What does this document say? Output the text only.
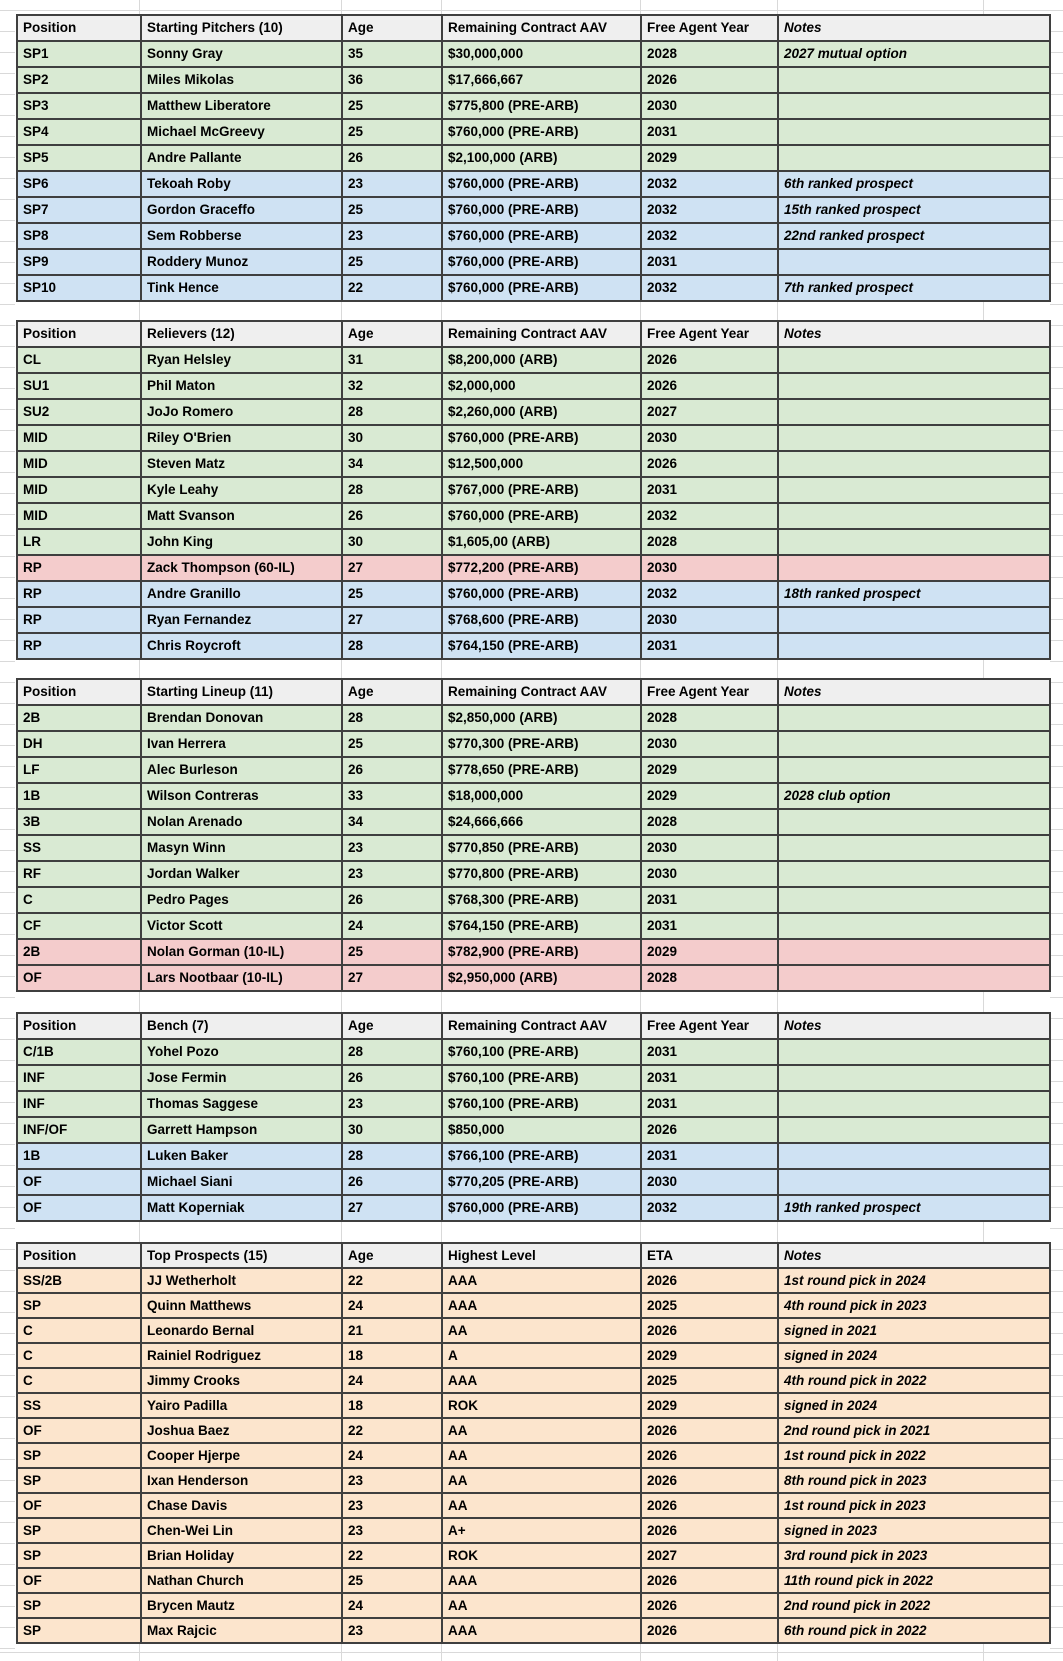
Position	Starting Pitchers (10)	Age	Remaining Contract AAV	Free Agent Year	Notes
SP1	Sonny Gray	35	$30,000,000	2028	2027 mutual option
SP2	Miles Mikolas	36	$17,666,667	2026	
SP3	Matthew Liberatore	25	$775,800 (PRE-ARB)	2030	
SP4	Michael McGreevy	25	$760,000 (PRE-ARB)	2031	
SP5	Andre Pallante	26	$2,100,000 (ARB)	2029	
SP6	Tekoah Roby	23	$760,000 (PRE-ARB)	2032	6th ranked prospect
SP7	Gordon Graceffo	25	$760,000 (PRE-ARB)	2032	15th ranked prospect
SP8	Sem Robberse	23	$760,000 (PRE-ARB)	2032	22nd ranked prospect
SP9	Roddery Munoz	25	$760,000 (PRE-ARB)	2031	
SP10	Tink Hence	22	$760,000 (PRE-ARB)	2032	7th ranked prospect
Position	Relievers (12)	Age	Remaining Contract AAV	Free Agent Year	Notes
CL	Ryan Helsley	31	$8,200,000 (ARB)	2026	
SU1	Phil Maton	32	$2,000,000	2026	
SU2	JoJo Romero	28	$2,260,000 (ARB)	2027	
MID	Riley O'Brien	30	$760,000 (PRE-ARB)	2030	
MID	Steven Matz	34	$12,500,000	2026	
MID	Kyle Leahy	28	$767,000 (PRE-ARB)	2031	
MID	Matt Svanson	26	$760,000 (PRE-ARB)	2032	
LR	John King	30	$1,605,00 (ARB)	2028	
RP	Zack Thompson (60-IL)	27	$772,200 (PRE-ARB)	2030	
RP	Andre Granillo	25	$760,000 (PRE-ARB)	2032	18th ranked prospect
RP	Ryan Fernandez	27	$768,600 (PRE-ARB)	2030	
RP	Chris Roycroft	28	$764,150 (PRE-ARB)	2031	
Position	Starting Lineup (11)	Age	Remaining Contract AAV	Free Agent Year	Notes
2B	Brendan Donovan	28	$2,850,000 (ARB)	2028	
DH	Ivan Herrera	25	$770,300 (PRE-ARB)	2030	
LF	Alec Burleson	26	$778,650 (PRE-ARB)	2029	
1B	Wilson Contreras	33	$18,000,000	2029	2028 club option
3B	Nolan Arenado	34	$24,666,666	2028	
SS	Masyn Winn	23	$770,850 (PRE-ARB)	2030	
RF	Jordan Walker	23	$770,800 (PRE-ARB)	2030	
C	Pedro Pages	26	$768,300 (PRE-ARB)	2031	
CF	Victor Scott	24	$764,150 (PRE-ARB)	2031	
2B	Nolan Gorman (10-IL)	25	$782,900 (PRE-ARB)	2029	
OF	Lars Nootbaar (10-IL)	27	$2,950,000 (ARB)	2028	
Position	Bench (7)	Age	Remaining Contract AAV	Free Agent Year	Notes
C/1B	Yohel Pozo	28	$760,100 (PRE-ARB)	2031	
INF	Jose Fermin	26	$760,100 (PRE-ARB)	2031	
INF	Thomas Saggese	23	$760,100 (PRE-ARB)	2031	
INF/OF	Garrett Hampson	30	$850,000	2026	
1B	Luken Baker	28	$766,100 (PRE-ARB)	2031	
OF	Michael Siani	26	$770,205 (PRE-ARB)	2030	
OF	Matt Koperniak	27	$760,000 (PRE-ARB)	2032	19th ranked prospect
Position	Top Prospects (15)	Age	Highest Level	ETA	Notes
SS/2B	JJ Wetherholt	22	AAA	2026	1st round pick in 2024
SP	Quinn Matthews	24	AAA	2025	4th round pick in 2023
C	Leonardo Bernal	21	AA	2026	signed in 2021
C	Rainiel Rodriguez	18	A	2029	signed in 2024
C	Jimmy Crooks	24	AAA	2025	4th round pick in 2022
SS	Yairo Padilla	18	ROK	2029	signed in 2024
OF	Joshua Baez	22	AA	2026	2nd round pick in 2021
SP	Cooper Hjerpe	24	AA	2026	1st round pick in 2022
SP	Ixan Henderson	23	AA	2026	8th round pick in 2023
OF	Chase Davis	23	AA	2026	1st round pick in 2023
SP	Chen-Wei Lin	23	A+	2026	signed in 2023
SP	Brian Holiday	22	ROK	2027	3rd round pick in 2023
OF	Nathan Church	25	AAA	2026	11th round pick in 2022
SP	Brycen Mautz	24	AA	2026	2nd round pick in 2022
SP	Max Rajcic	23	AAA	2026	6th round pick in 2022
